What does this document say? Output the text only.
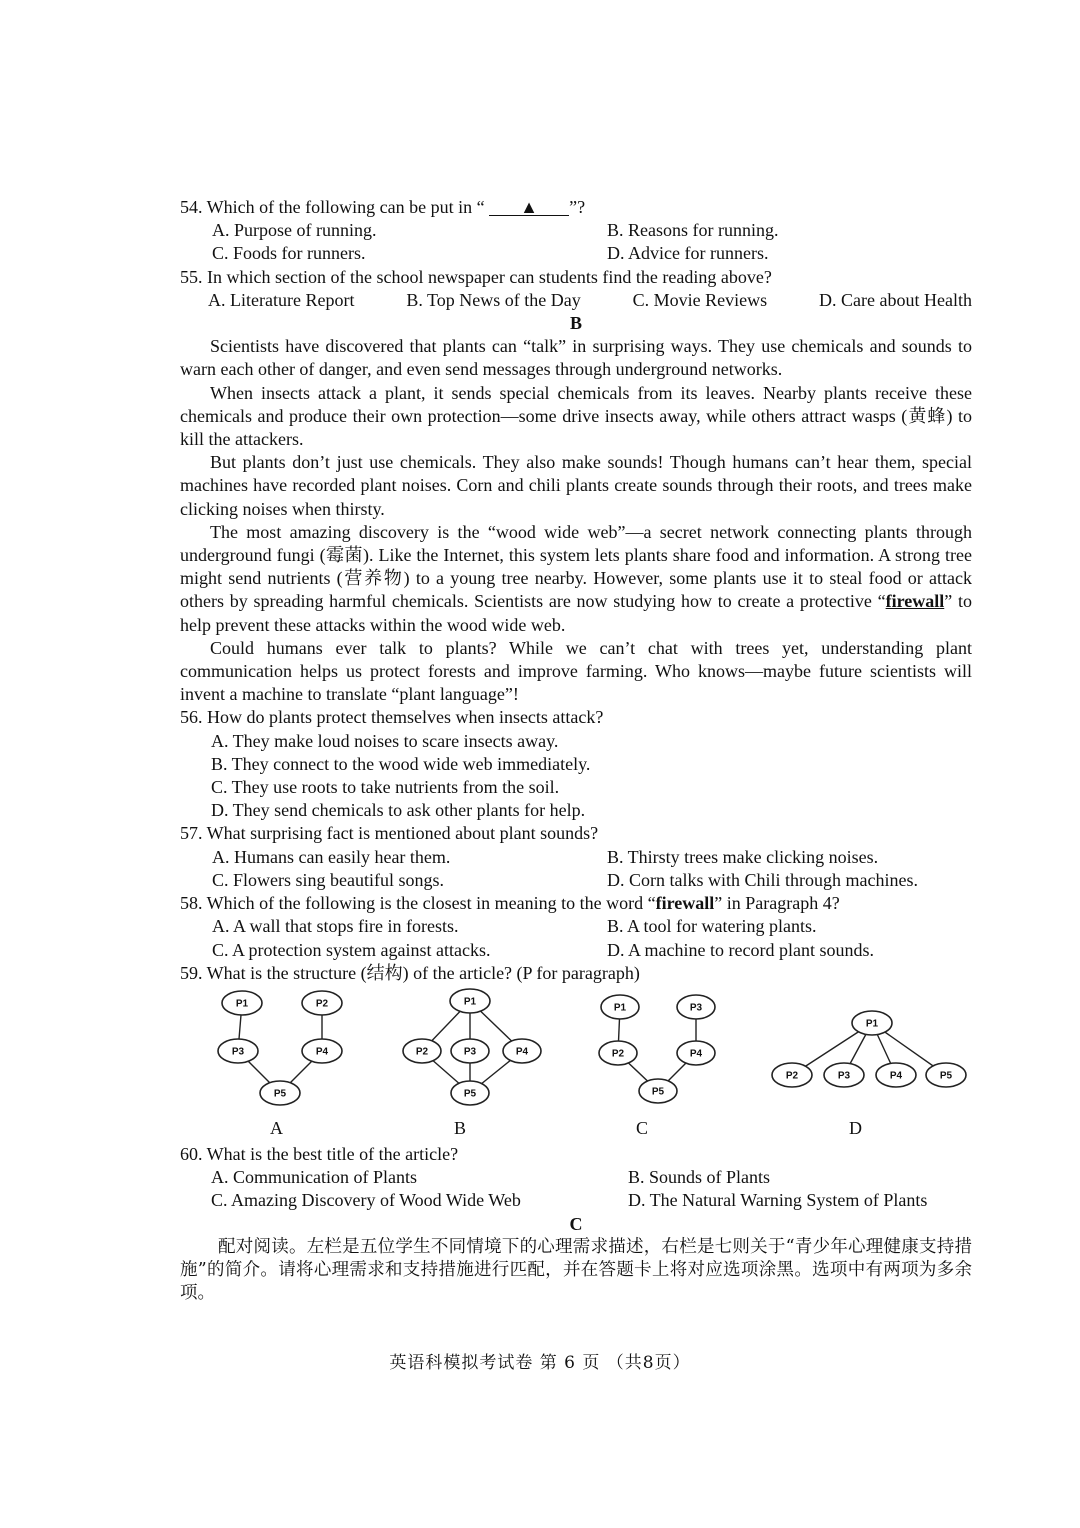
54. Which of the following can be put in “ ▲ ”?

A. Purpose of running.	B. Reasons for running.
C. Foods for runners.	D. Advice for runners.

55. In which section of the school newspaper can students find the reading above?

A. Literature Report	B. Top News of the Day	C. Movie Reviews	D. Care about Health

B

Scientists have discovered that plants can “talk” in surprising ways. They use chemicals and sounds to warn each other of danger, and even send messages through underground networks.

When insects attack a plant, it sends special chemicals from its leaves. Nearby plants receive these chemicals and produce their own protection—some drive insects away, while others attract wasps (黄蜂) to kill the attackers.

But plants don’t just use chemicals. They also make sounds! Though humans can’t hear them, special machines have recorded plant noises. Corn and chili plants create sounds through their roots, and trees make clicking noises when thirsty.

The most amazing discovery is the “wood wide web”—a secret network connecting plants through underground fungi (霉菌). Like the Internet, this system lets plants share food and information. A strong tree might send nutrients (营养物) to a young tree nearby. However, some plants use it to steal food or attack others by spreading harmful chemicals. Scientists are now studying how to create a protective “firewall” to help prevent these attacks within the wood wide web.

Could humans ever talk to plants? While we can’t chat with trees yet, understanding plant communication helps us protect forests and improve farming. Who knows—maybe future scientists will invent a machine to translate “plant language”!

56. How do plants protect themselves when insects attack?

A. They make loud noises to scare insects away.
B. They connect to the wood wide web immediately.
C. They use roots to take nutrients from the soil.
D. They send chemicals to ask other plants for help.

57. What surprising fact is mentioned about plant sounds?

A. Humans can easily hear them.	B. Thirsty trees make clicking noises.
C. Flowers sing beautiful songs.	D. Corn talks with Chili through machines.

58. Which of the following is the closest in meaning to the word “firewall” in Paragraph 4?

A. A wall that stops fire in forests.	B. A tool for watering plants.
C. A protection system against attacks.	D. A machine to record plant sounds.

59. What is the structure (结构) of the article? (P for paragraph)

P1	P2
P3	P4
P5
P1
P2	P3	P4
P5
P1	P3
P2	P4
P5
P1
P2	P3	P4	P5
A	B	C	D

60. What is the best title of the article?

A. Communication of Plants	B. Sounds of Plants
C. Amazing Discovery of Wood Wide Web	D. The Natural Warning System of Plants

C

配对阅读。左栏是五位学生不同情境下的心理需求描述，右栏是七则关于“青少年心理健康支持措施”的简介。请将心理需求和支持措施进行匹配，并在答题卡上将对应选项涂黑。选项中有两项为多余项。

英语科模拟考试卷 第 6 页 （共8页）
